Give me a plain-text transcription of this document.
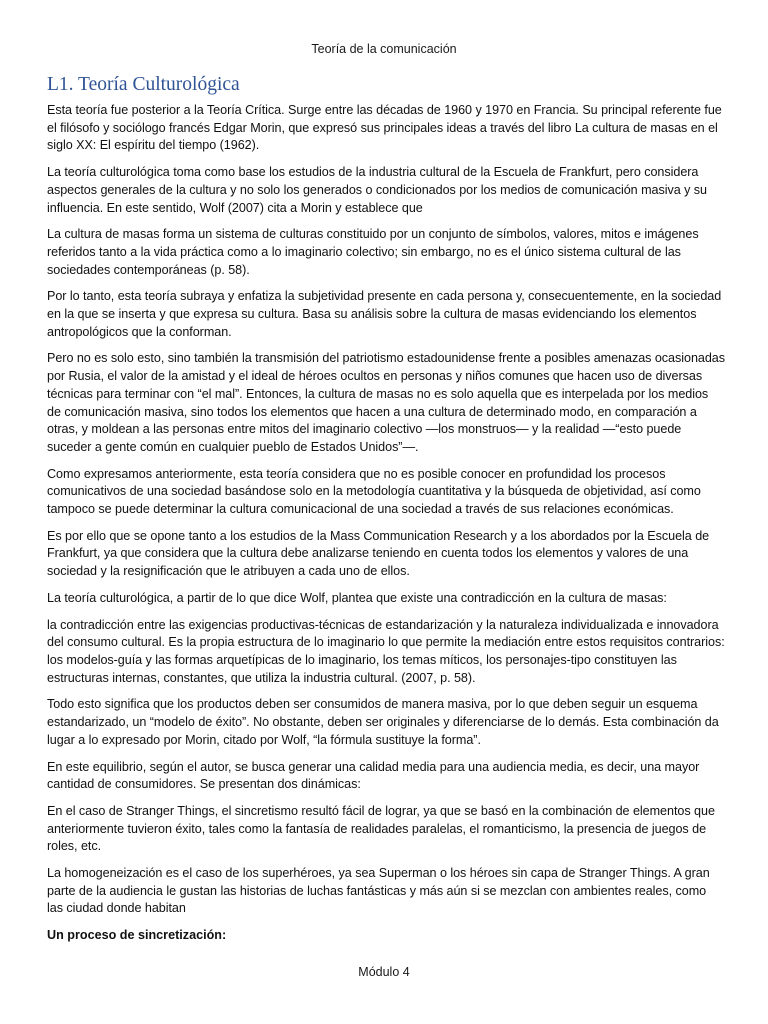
Teoría de la comunicación
L1. Teoría Culturológica

Esta teoría fue posterior a la Teoría Crítica. Surge entre las décadas de 1960 y 1970 en Francia. Su principal referente fue el filósofo y sociólogo francés Edgar Morin, que expresó sus principales ideas a través del libro La cultura de masas en el siglo XX: El espíritu del tiempo (1962).

La teoría culturológica toma como base los estudios de la industria cultural de la Escuela de Frankfurt, pero considera aspectos generales de la cultura y no solo los generados o condicionados por los medios de comunicación masiva y su influencia. En este sentido, Wolf (2007) cita a Morin y establece que

La cultura de masas forma un sistema de culturas constituido por un conjunto de símbolos, valores, mitos e imágenes referidos tanto a la vida práctica como a lo imaginario colectivo; sin embargo, no es el único sistema cultural de las sociedades contemporáneas (p. 58).

Por lo tanto, esta teoría subraya y enfatiza la subjetividad presente en cada persona y, consecuentemente, en la sociedad en la que se inserta y que expresa su cultura. Basa su análisis sobre la cultura de masas evidenciando los elementos antropológicos que la conforman.

Pero no es solo esto, sino también la transmisión del patriotismo estadounidense frente a posibles amenazas ocasionadas por Rusia, el valor de la amistad y el ideal de héroes ocultos en personas y niños comunes que hacen uso de diversas técnicas para terminar con “el mal”. Entonces, la cultura de masas no es solo aquella que es interpelada por los medios de comunicación masiva, sino todos los elementos que hacen a una cultura de determinado modo, en comparación a otras, y moldean a las personas entre mitos del imaginario colectivo —los monstruos— y la realidad —“esto puede suceder a gente común en cualquier pueblo de Estados Unidos”—.

Como expresamos anteriormente, esta teoría considera que no es posible conocer en profundidad los procesos comunicativos de una sociedad basándose solo en la metodología cuantitativa y la búsqueda de objetividad, así como tampoco se puede determinar la cultura comunicacional de una sociedad a través de sus relaciones económicas.

Es por ello que se opone tanto a los estudios de la Mass Communication Research y a los abordados por la Escuela de Frankfurt, ya que considera que la cultura debe analizarse teniendo en cuenta todos los elementos y valores de una sociedad y la resignificación que le atribuyen a cada uno de ellos.

La teoría culturológica, a partir de lo que dice Wolf, plantea que existe una contradicción en la cultura de masas:

la contradicción entre las exigencias productivas-técnicas de estandarización y la naturaleza individualizada e innovadora del consumo cultural. Es la propia estructura de lo imaginario lo que permite la mediación entre estos requisitos contrarios: los modelos-guía y las formas arquetípicas de lo imaginario, los temas míticos, los personajes-tipo constituyen las estructuras internas, constantes, que utiliza la industria cultural. (2007, p. 58).

Todo esto significa que los productos deben ser consumidos de manera masiva, por lo que deben seguir un esquema estandarizado, un “modelo de éxito”. No obstante, deben ser originales y diferenciarse de lo demás. Esta combinación da lugar a lo expresado por Morin, citado por Wolf, “la fórmula sustituye la forma”.

En este equilibrio, según el autor, se busca generar una calidad media para una audiencia media, es decir, una mayor cantidad de consumidores. Se presentan dos dinámicas:

En el caso de Stranger Things, el sincretismo resultó fácil de lograr, ya que se basó en la combinación de elementos que anteriormente tuvieron éxito, tales como la fantasía de realidades paralelas, el romanticismo, la presencia de juegos de roles, etc.

La homogeneización es el caso de los superhéroes, ya sea Superman o los héroes sin capa de Stranger Things. A gran parte de la audiencia le gustan las historias de luchas fantásticas y más aún si se mezclan con ambientes reales, como las ciudad donde habitan

Un proceso de sincretización:

Módulo 4
